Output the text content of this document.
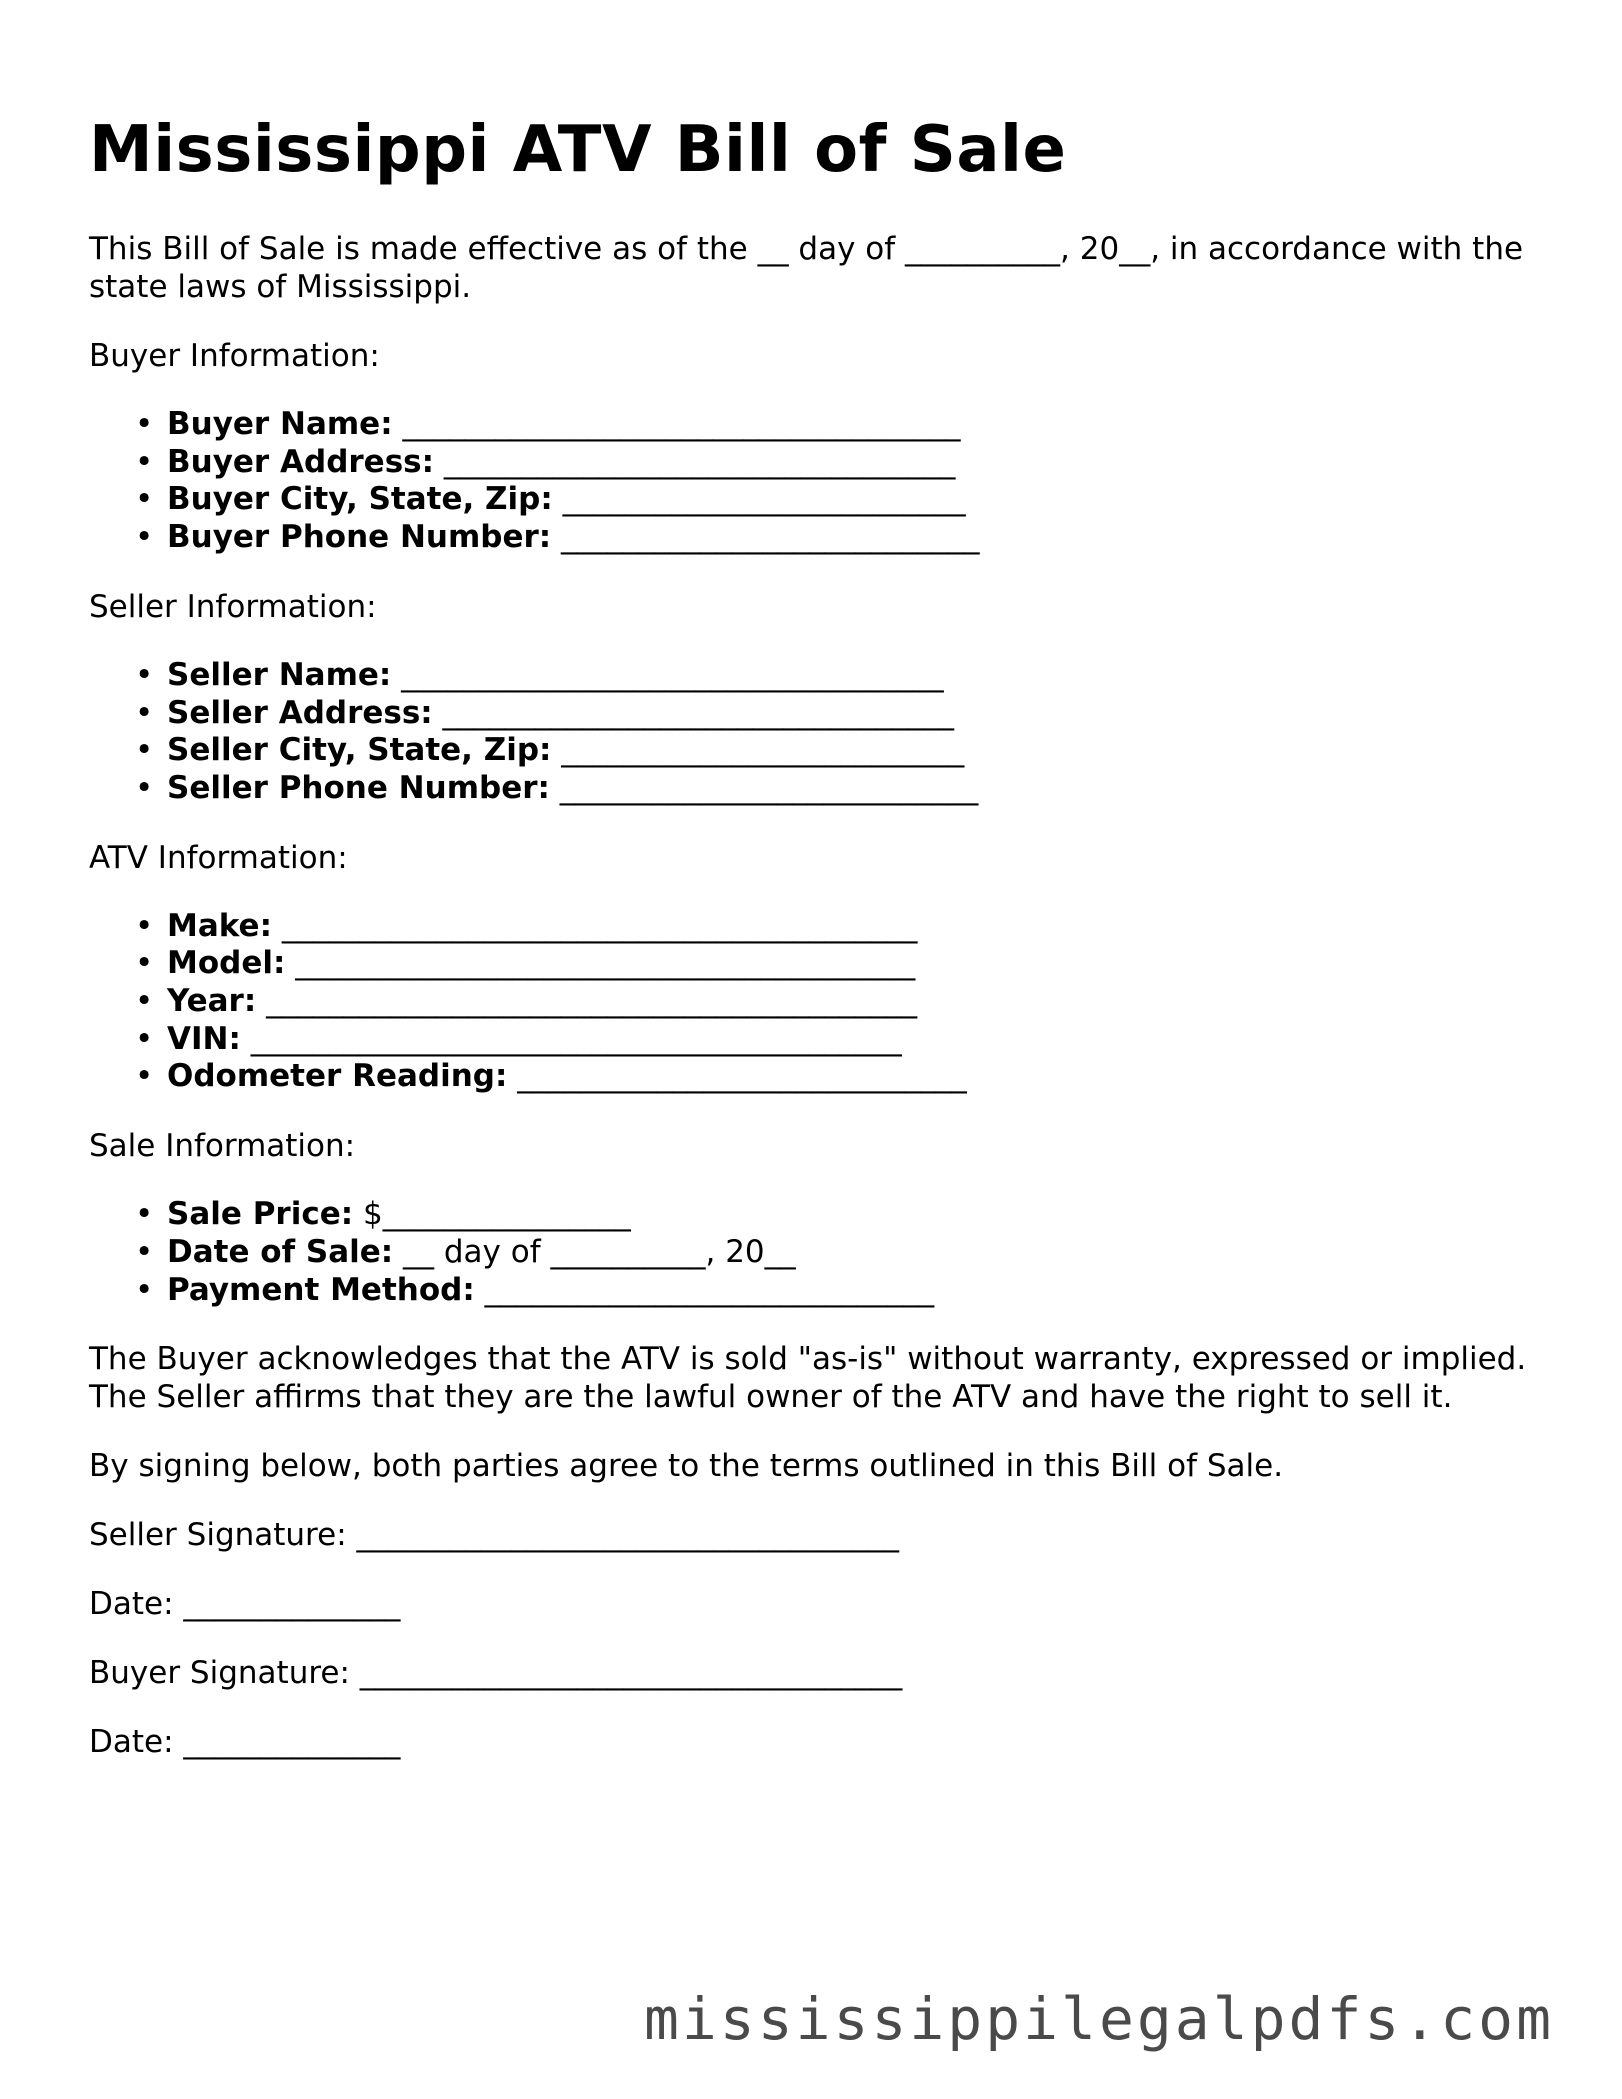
Mississippi ATV Bill of Sale

This Bill of Sale is made effective as of the __ day of __________, 20__, in accordance with the state laws of Mississippi.

Buyer Information:

• Buyer Name: ____________________________________
• Buyer Address: _________________________________
• Buyer City, State, Zip: __________________________
• Buyer Phone Number: ___________________________

Seller Information:

• Seller Name: ___________________________________
• Seller Address: _________________________________
• Seller City, State, Zip: __________________________
• Seller Phone Number: ___________________________

ATV Information:

• Make: _________________________________________
• Model: ________________________________________
• Year: __________________________________________
• VIN: __________________________________________
• Odometer Reading: _____________________________

Sale Information:

• Sale Price: $________________
• Date of Sale: __ day of __________, 20__
• Payment Method: _____________________________

The Buyer acknowledges that the ATV is sold "as-is" without warranty, expressed or implied. The Seller affirms that they are the lawful owner of the ATV and have the right to sell it.

By signing below, both parties agree to the terms outlined in this Bill of Sale.

Seller Signature: ___________________________________

Date: ______________

Buyer Signature: ___________________________________

Date: ______________

mississippilegalpdfs.com
